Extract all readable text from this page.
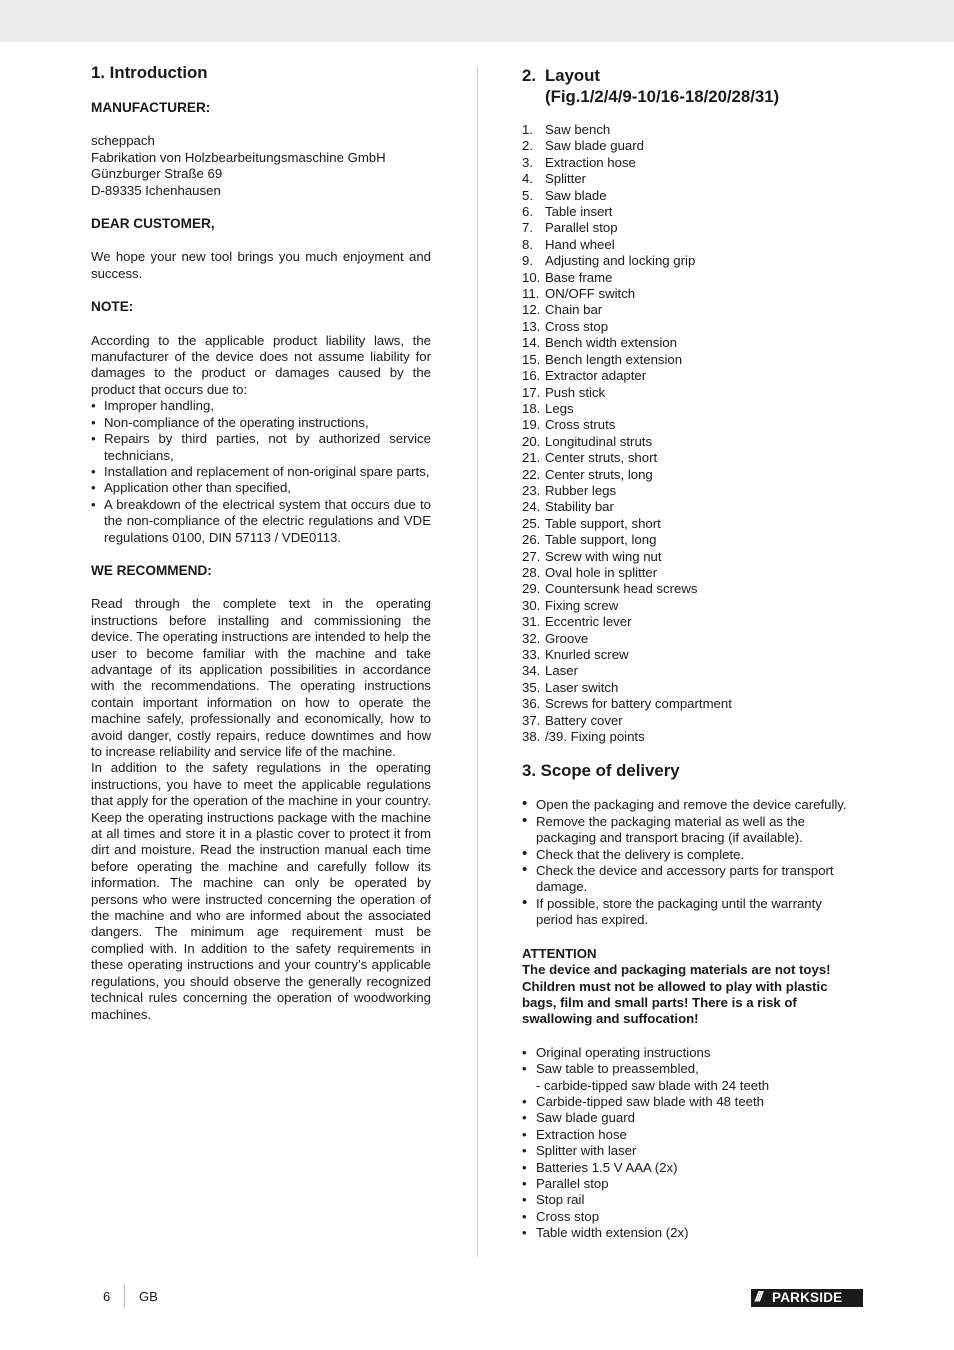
1. Introduction
MANUFACTURER:
scheppach
Fabrikation von Holzbearbeitungsmaschine GmbH
Günzburger Straße 69
D-89335 Ichenhausen
DEAR CUSTOMER,

We hope your new tool brings you much enjoyment and success.

NOTE:

According to the applicable product liability laws, the manufacturer of the device does not assume liability for damages to the product or damages caused by the product that occurs due to:

• Improper handling,
• Non-compliance of the operating instructions,
• Repairs by third parties, not by authorized service technicians,
• Installation and replacement of non-original spare parts,
• Application other than specified,
• A breakdown of the electrical system that occurs due to the non-compliance of the electric regulations and VDE regulations 0100, DIN 57113 / VDE0113.
WE RECOMMEND:

Read through the complete text in the operating instructions before installing and commissioning the device. The operating instructions are intended to help the user to become familiar with the machine and take advantage of its application possibilities in accordance with the recommendations. The operating instructions contain important information on how to operate the machine safely, professionally and economically, how to avoid danger, costly repairs, reduce downtimes and how to increase reliability and service life of the machine.

In addition to the safety regulations in the operating instructions, you have to meet the applicable regulations that apply for the operation of the machine in your country. Keep the operating instructions package with the machine at all times and store it in a plastic cover to protect it from dirt and moisture. Read the instruction manual each time before operating the machine and carefully follow its information. The machine can only be operated by persons who were instructed concerning the operation of the machine and who are informed about the associated dangers. The minimum age requirement must be complied with. In addition to the safety requirements in these operating instructions and your country’s applicable regulations, you should observe the generally recognized technical rules concerning the operation of woodworking machines.

2. Layout
(Fig.1/2/4/9-10/16-18/20/28/31)
1. Saw bench
2. Saw blade guard
3. Extraction hose
4. Splitter
5. Saw blade
6. Table insert
7. Parallel stop
8. Hand wheel
9. Adjusting and locking grip
10. Base frame
11. ON/OFF switch
12. Chain bar
13. Cross stop
14. Bench width extension
15. Bench length extension
16. Extractor adapter
17. Push stick
18. Legs
19. Cross struts
20. Longitudinal struts
21. Center struts, short
22. Center struts, long
23. Rubber legs
24. Stability bar
25. Table support, short
26. Table support, long
27. Screw with wing nut
28. Oval hole in splitter
29. Countersunk head screws
30. Fixing screw
31. Eccentric lever
32. Groove
33. Knurled screw
34. Laser
35. Laser switch
36. Screws for battery compartment
37. Battery cover
38. /39. Fixing points
3. Scope of delivery
• Open the packaging and remove the device carefully.
• Remove the packaging material as well as the packaging and transport bracing (if available).
• Check that the delivery is complete.
• Check the device and accessory parts for transport damage.
• If possible, store the packaging until the warranty period has expired.
ATTENTION

The device and packaging materials are not toys! Children must not be allowed to play with plastic bags, film and small parts! There is a risk of swallowing and suffocation!

• Original operating instructions
• Saw table to preassembled,
- carbide-tipped saw blade with 24 teeth
• Carbide-tipped saw blade with 48 teeth
• Saw blade guard
• Extraction hose
• Splitter with laser
• Batteries 1.5 V AAA (2x)
• Parallel stop
• Stop rail
• Cross stop
• Table width extension (2x)
6 GB	/// PARKSIDE
